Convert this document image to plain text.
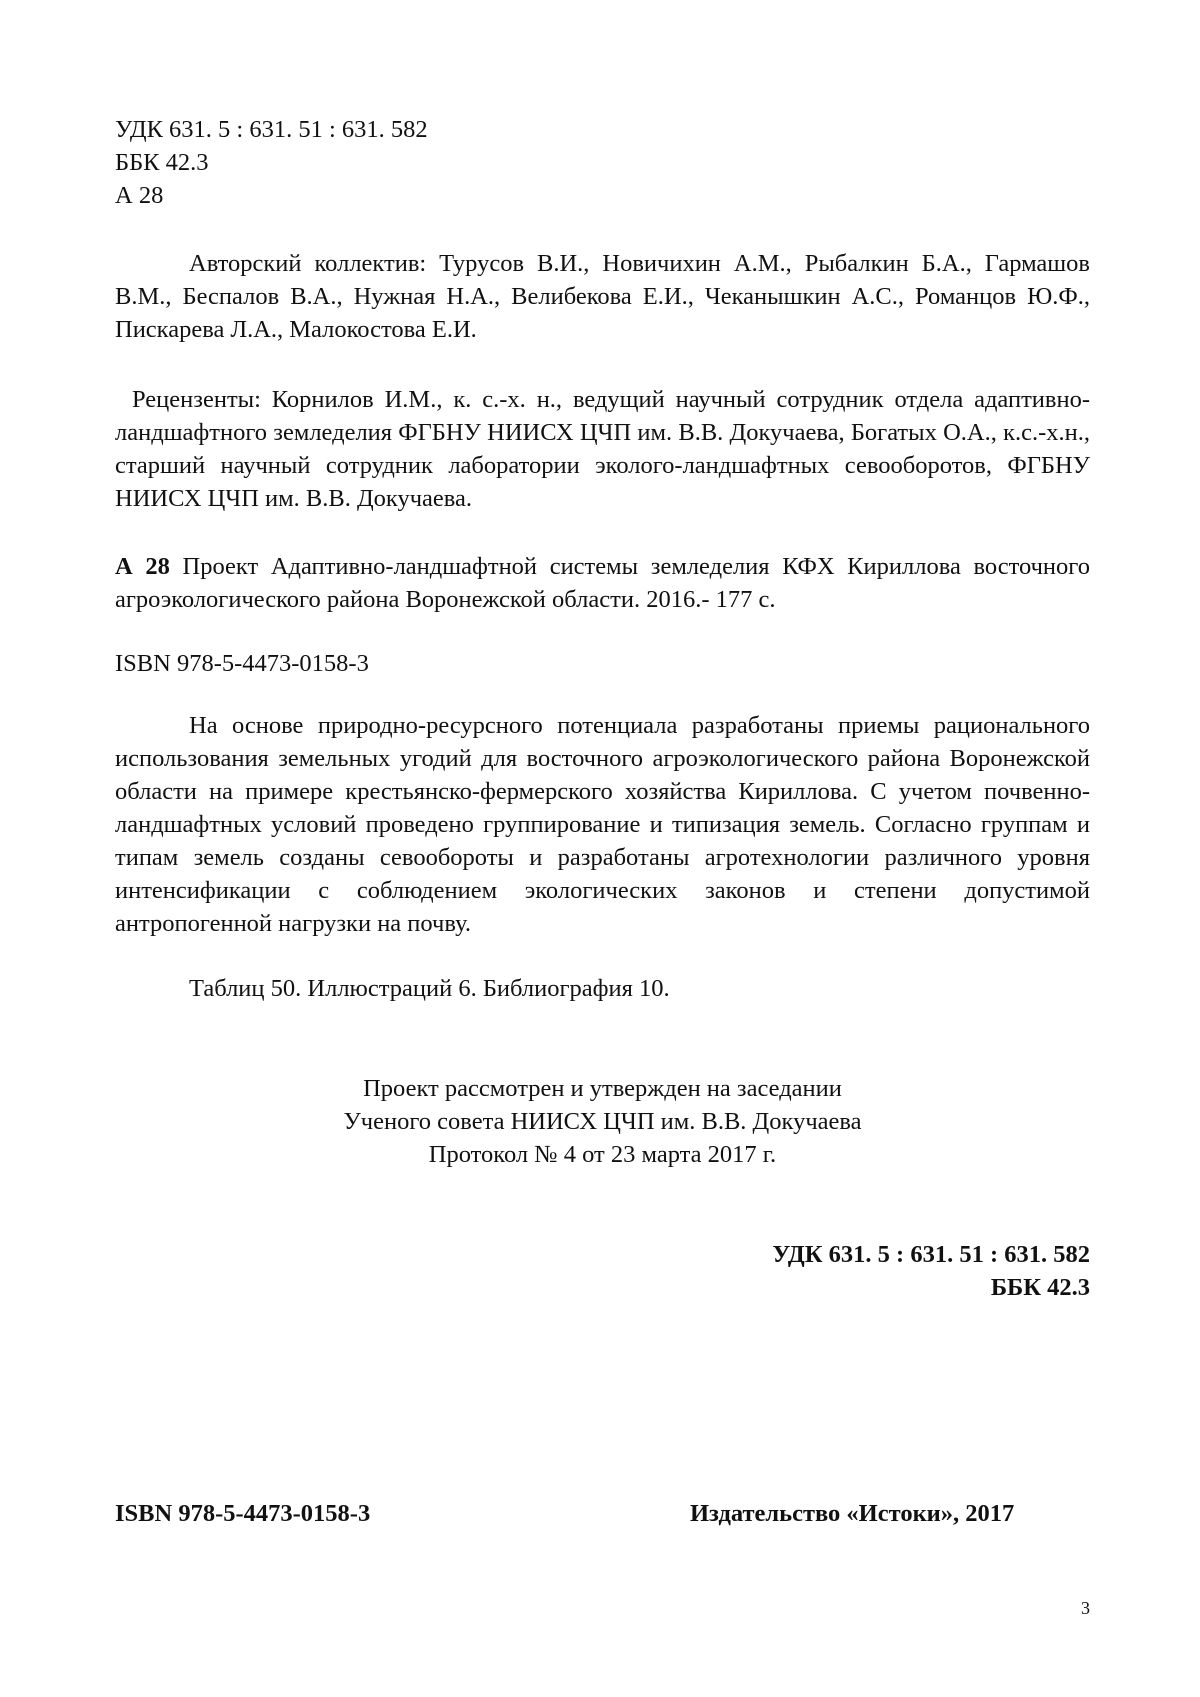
УДК 631. 5 : 631. 51 : 631. 582

ББК 42.3

А 28

Авторский коллектив: Турусов В.И., Новичихин А.М., Рыбалкин Б.А., Гармашов В.М., Беспалов В.А., Нужная Н.А., Велибекова Е.И., Чеканышкин А.С., Романцов Ю.Ф., Пискарева Л.А., Малокостова Е.И.

Рецензенты: Корнилов И.М., к. с.-х. н., ведущий научный сотрудник отдела адаптивно-ландшафтного земледелия ФГБНУ НИИСХ ЦЧП им. В.В. Докучаева, Богатых О.А., к.с.-х.н., старший научный сотрудник лаборатории эколого-ландшафтных севооборотов, ФГБНУ НИИСХ ЦЧП им. В.В. Докучаева.

А 28 Проект Адаптивно-ландшафтной системы земледелия КФХ Кириллова восточного агроэкологического района Воронежской области. 2016.- 177 с.

ISBN 978-5-4473-0158-3

На основе природно-ресурсного потенциала разработаны приемы рационального использования земельных угодий для восточного агроэкологического района Воронежской области на примере крестьянско-фермерского хозяйства Кириллова. С учетом почвенно-ландшафтных условий проведено группирование и типизация земель. Согласно группам и типам земель созданы севообороты и разработаны агротехнологии различного уровня интенсификации с соблюдением экологических законов и степени допустимой антропогенной нагрузки на почву.

Таблиц 50. Иллюстраций 6. Библиография 10.

Проект рассмотрен и утвержден на заседании

Ученого совета НИИСХ ЦЧП им. В.В. Докучаева

Протокол № 4 от 23 марта 2017 г.

УДК 631. 5 : 631. 51 : 631. 582

ББК 42.3

ISBN 978-5-4473-0158-3	Издательство «Истоки», 2017
3
